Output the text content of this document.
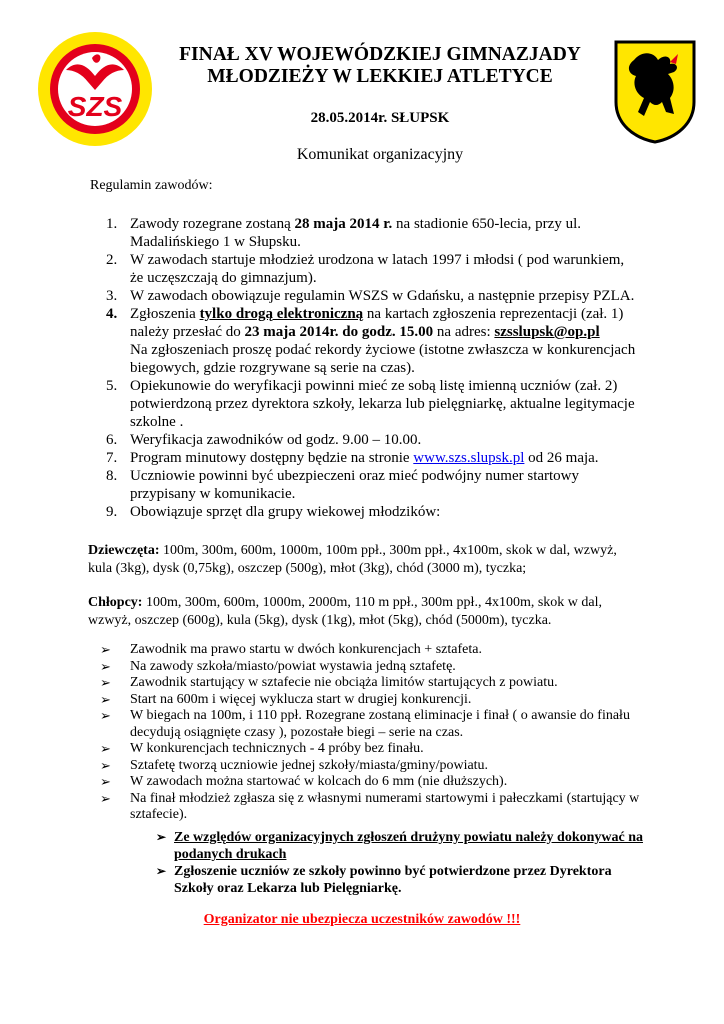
SZS
FINAŁ XV WOJEWÓDZKIEJ GIMNAZJADY
MŁODZIEŻY W LEKKIEJ ATLETYCE
28.05.2014r. SŁUPSK
Komunikat organizacyjny
Regulamin zawodów:
1. Zawody rozegrane zostaną 28 maja 2014 r. na stadionie 650-lecia, przy ul.
Madalińskiego 1 w Słupsku.
2. W zawodach startuje młodzież urodzona w latach 1997 i młodsi ( pod warunkiem,
że uczęszczają do gimnazjum).
3. W zawodach obowiązuje regulamin WSZS w Gdańsku, a następnie przepisy PZLA.
4. Zgłoszenia tylko drogą elektroniczną na kartach zgłoszenia reprezentacji (zał. 1)
należy przesłać do 23 maja 2014r. do godz. 15.00 na adres: szsslupsk@op.pl
Na zgłoszeniach proszę podać rekordy życiowe (istotne zwłaszcza w konkurencjach
biegowych, gdzie rozgrywane są serie na czas).
5. Opiekunowie do weryfikacji powinni mieć ze sobą listę imienną uczniów (zał. 2)
potwierdzoną przez dyrektora szkoły, lekarza lub pielęgniarkę, aktualne legitymacje
szkolne .
6. Weryfikacja zawodników od godz. 9.00 – 10.00.
7. Program minutowy dostępny będzie na stronie www.szs.slupsk.pl od 26 maja.
8. Uczniowie powinni być ubezpieczeni oraz mieć podwójny numer startowy
przypisany w komunikacie.
9. Obowiązuje sprzęt dla grupy wiekowej młodzików:
Dziewczęta: 100m, 300m, 600m, 1000m, 100m ppł., 300m ppł., 4x100m, skok w dal, wzwyż,
kula (3kg), dysk (0,75kg), oszczep (500g), młot (3kg), chód (3000 m), tyczka;
Chłopcy: 100m, 300m, 600m, 1000m, 2000m, 110 m ppł., 300m ppł., 4x100m, skok w dal,
wzwyż, oszczep (600g), kula (5kg), dysk (1kg), młot (5kg), chód (5000m), tyczka.
➢ Zawodnik ma prawo startu w dwóch konkurencjach + sztafeta.
➢ Na zawody szkoła/miasto/powiat wystawia jedną sztafetę.
➢ Zawodnik startujący w sztafecie nie obciąża limitów startujących z powiatu.
➢ Start na 600m i więcej wyklucza start w drugiej konkurencji.
➢ W biegach na 100m, i 110 ppł. Rozegrane zostaną eliminacje i finał ( o awansie do finału
decydują osiągnięte czasy ), pozostałe biegi – serie na czas.
➢ W konkurencjach technicznych - 4 próby bez finału.
➢ Sztafetę tworzą uczniowie jednej szkoły/miasta/gminy/powiatu.
➢ W zawodach można startować w kolcach do 6 mm (nie dłuższych).
➢ Na finał młodzież zgłasza się z własnymi numerami startowymi i pałeczkami (startujący w
sztafecie).
➢ Ze względów organizacyjnych zgłoszeń drużyny powiatu należy dokonywać na
podanych drukach
➢ Zgłoszenie uczniów ze szkoły powinno być potwierdzone przez Dyrektora
Szkoły oraz Lekarza lub Pielęgniarkę.
Organizator nie ubezpiecza uczestników zawodów !!!
